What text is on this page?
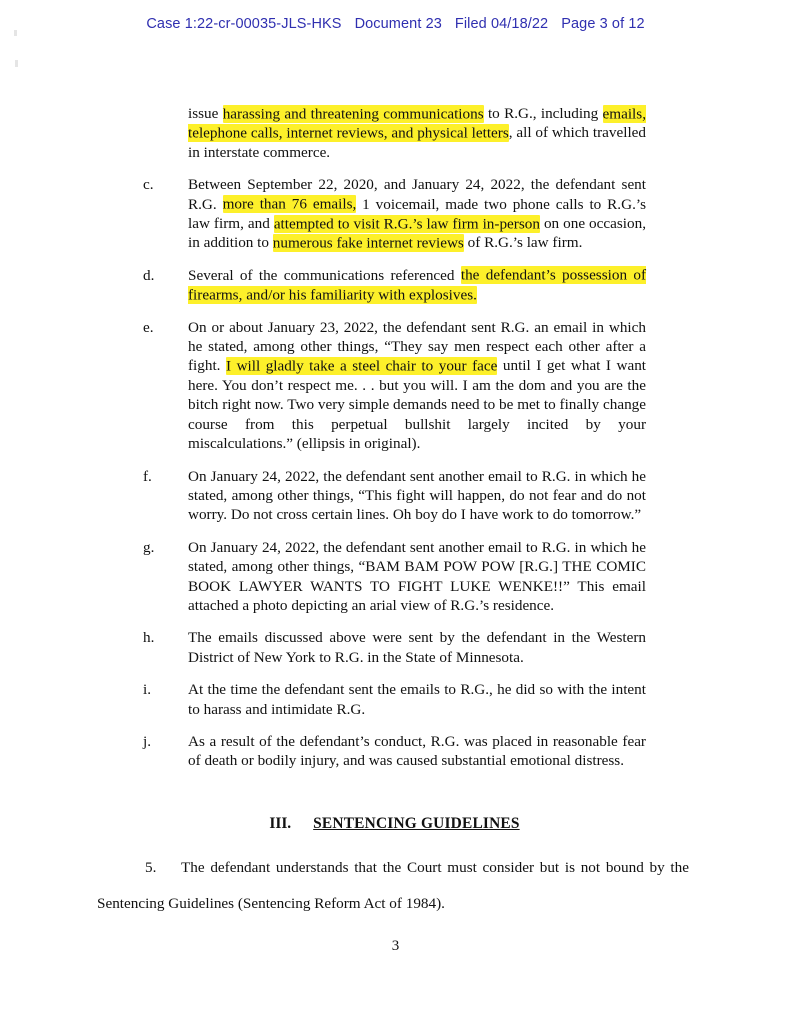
Case 1:22-cr-00035-JLS-HKS Document 23 Filed 04/18/22 Page 3 of 12

issue harassing and threatening communications to R.G., including emails, telephone calls, internet reviews, and physical letters, all of which travelled in interstate commerce.

c.	Between September 22, 2020, and January 24, 2022, the defendant sent R.G. more than 76 emails, 1 voicemail, made two phone calls to R.G.’s law firm, and attempted to visit R.G.’s law firm in-person on one occasion, in addition to numerous fake internet reviews of R.G.’s law firm.
d.	Several of the communications referenced the defendant’s possession of firearms, and/or his familiarity with explosives.
e.	On or about January 23, 2022, the defendant sent R.G. an email in which he stated, among other things, “They say men respect each other after a fight. I will gladly take a steel chair to your face until I get what I want here. You don’t respect me. . . but you will. I am the dom and you are the bitch right now. Two very simple demands need to be met to finally change course from this perpetual bullshit largely incited by your miscalculations.” (ellipsis in original).
f.	On January 24, 2022, the defendant sent another email to R.G. in which he stated, among other things, “This fight will happen, do not fear and do not worry. Do not cross certain lines. Oh boy do I have work to do tomorrow.”
g.	On January 24, 2022, the defendant sent another email to R.G. in which he stated, among other things, “BAM BAM POW POW [R.G.] THE COMIC BOOK LAWYER WANTS TO FIGHT LUKE WENKE!!” This email attached a photo depicting an arial view of R.G.’s residence.
h.	The emails discussed above were sent by the defendant in the Western District of New York to R.G. in the State of Minnesota.
i.	At the time the defendant sent the emails to R.G., he did so with the intent to harass and intimidate R.G.
j.	As a result of the defendant’s conduct, R.G. was placed in reasonable fear of death or bodily injury, and was caused substantial emotional distress.
III. SENTENCING GUIDELINES
5. The defendant understands that the Court must consider but is not bound by the Sentencing Guidelines (Sentencing Reform Act of 1984).
3
